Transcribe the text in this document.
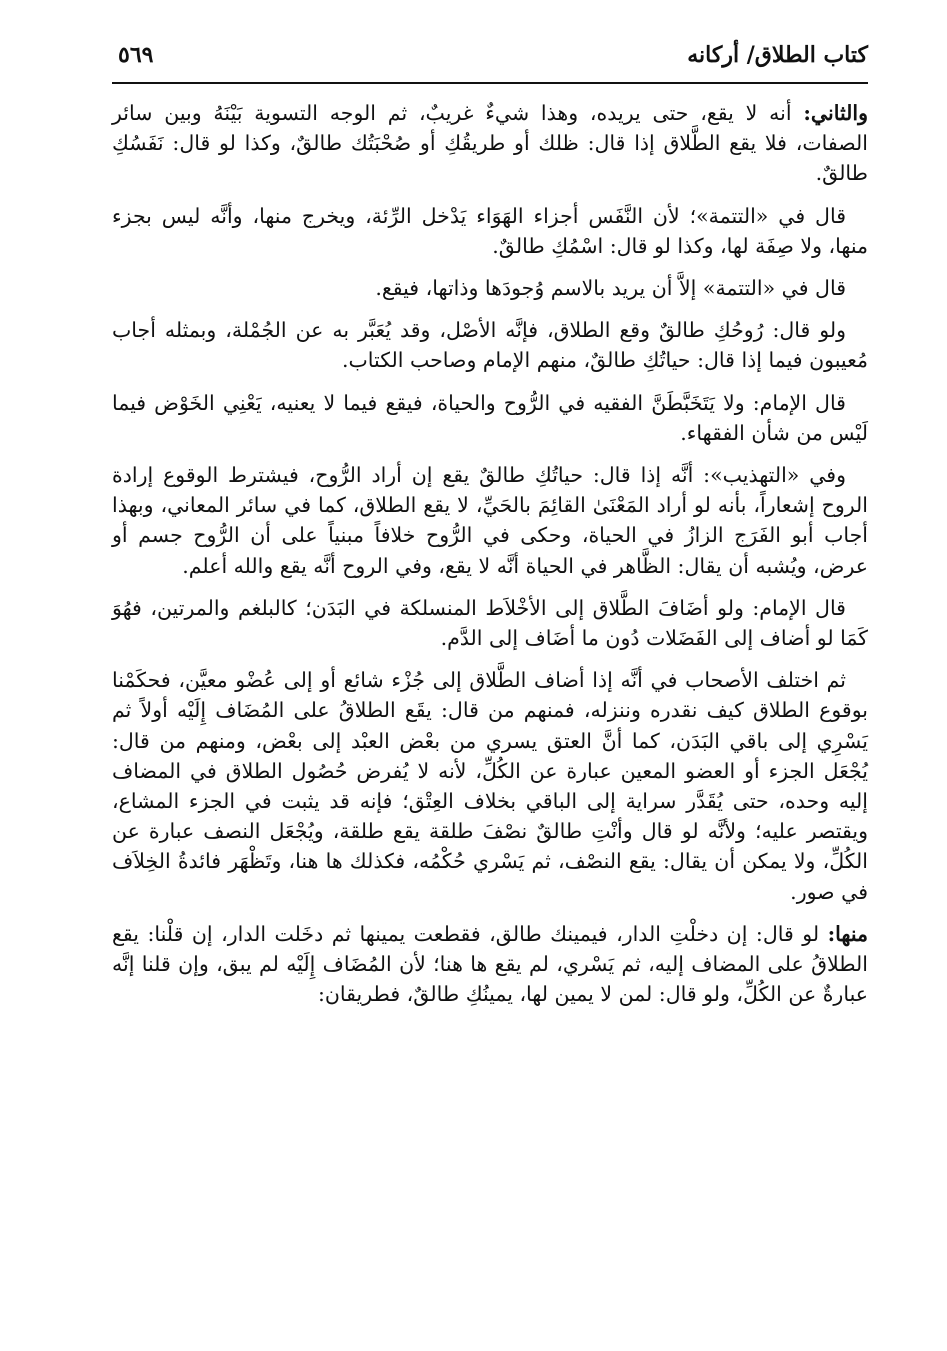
كتاب الطلاق/ أركانه
٥٦٩

والثاني: أنه لا يقع، حتى يريده، وهذا شيءٌ غريبٌ، ثم الوجه التسوية بَيْنَهُ وبين سائر الصفات، فلا يقع الطَّلاق إذا قال: ظلك أو طريقُكِ أو صُحْبَتُك طالقٌ، وكذا لو قال: نَفَسُكِ طالقٌ.

قال في «التتمة»؛ لأن النَّفَس أجزاء الهَوَاء يَدْخل الرِّئة، ويخرج منها، وأنَّه ليس بجزء منها، ولا صِفَة لها، وكذا لو قال: اسْمُكِ طالقٌ.

قال في «التتمة» إلاَّ أن يريد بالاسم وُجودَها وذاتها، فيقع.

ولو قال: رُوحُكِ طالقٌ وقع الطلاق، فإنَّه الأصْل، وقد يُعَبَّر به عن الجُمْلة، وبمثله أجاب مُعيبون فيما إذا قال: حياتُكِ طالقٌ، منهم الإمام وصاحب الكتاب.

قال الإمام: ولا يَتَخَبَّطَنَّ الفقيه في الرُّوح والحياة، فيقع فيما لا يعنيه، يَعْنِي الخَوْض فيما لَيْس من شأن الفقهاء.

وفي «التهذيب»: أنَّه إذا قال: حياتُكِ طالقٌ يقع إن أراد الرُّوح، فيشترط الوقوع إرادة الروح إشعاراً، بأنه لو أراد المَعْنَىٰ القائِمَ بالحَيِّ، لا يقع الطلاق، كما في سائر المعاني، وبهذا أجاب أبو الفَرَج الزازُ في الحياة، وحكى في الرُّوح خلافاً مبنياً على أن الرُّوح جسم أو عرض، ويُشبه أن يقال: الظَّاهر في الحياة أنَّه لا يقع، وفي الروح أنَّه يقع والله أعلم.

قال الإمام: ولو أضَافَ الطَّلاق إلى الأخْلاَط المنسلكة في البَدَن؛ كالبلغم والمرتين، فهُوَ كَمَا لو أضاف إلى الفَضَلات دُون ما أضَاف إلى الدَّم.

ثم اختلف الأصحاب في أنَّه إذا أضاف الطَّلاق إلى جُزْء شائع أو إلى عُضْو معيَّن، فحكَمْنا بوقوع الطلاق كيف نقدره وننزله، فمنهم من قال: يقَع الطلاقُ على المُضَاف إِلَيْه أولاً ثم يَسْرِي إلى باقي البَدَن، كما أنَّ العتق يسري من بعْض العبْد إلى بعْض، ومنهم من قال: يُجْعَل الجزء أو العضو المعين عبارة عن الكُلِّ، لأنه لا يُفرض حُصُول الطلاق في المضاف إليه وحده، حتى يُقَدَّر سراية إلى الباقي بخلاف العِتْق؛ فإنه قد يثبت في الجزء المشاع، ويقتصر عليه؛ ولأنَّه لو قال وأنْتِ طالقٌ نصْفَ طلقة يقع طلقة، ويُجْعَل النصف عبارة عن الكُلِّ، ولا يمكن أن يقال: يقع النصْف، ثم يَسْري حُكْمُه، فكذلك ها هنا، وتَظْهَر فائدةُ الخِلاَف في صور.

منها: لو قال: إن دخلْتِ الدار، فيمينك طالق، فقطعت يمينها ثم دخَلت الدار، إن قلْنا: يقع الطلاقُ على المضاف إليه، ثم يَسْري، لم يقع ها هنا؛ لأن المُضَاف إِلَيْه لم يبق، وإن قلنا إنَّه عبارةٌ عن الكُلِّ، ولو قال: لمن لا يمين لها، يمينُكِ طالقٌ، فطريقان:
